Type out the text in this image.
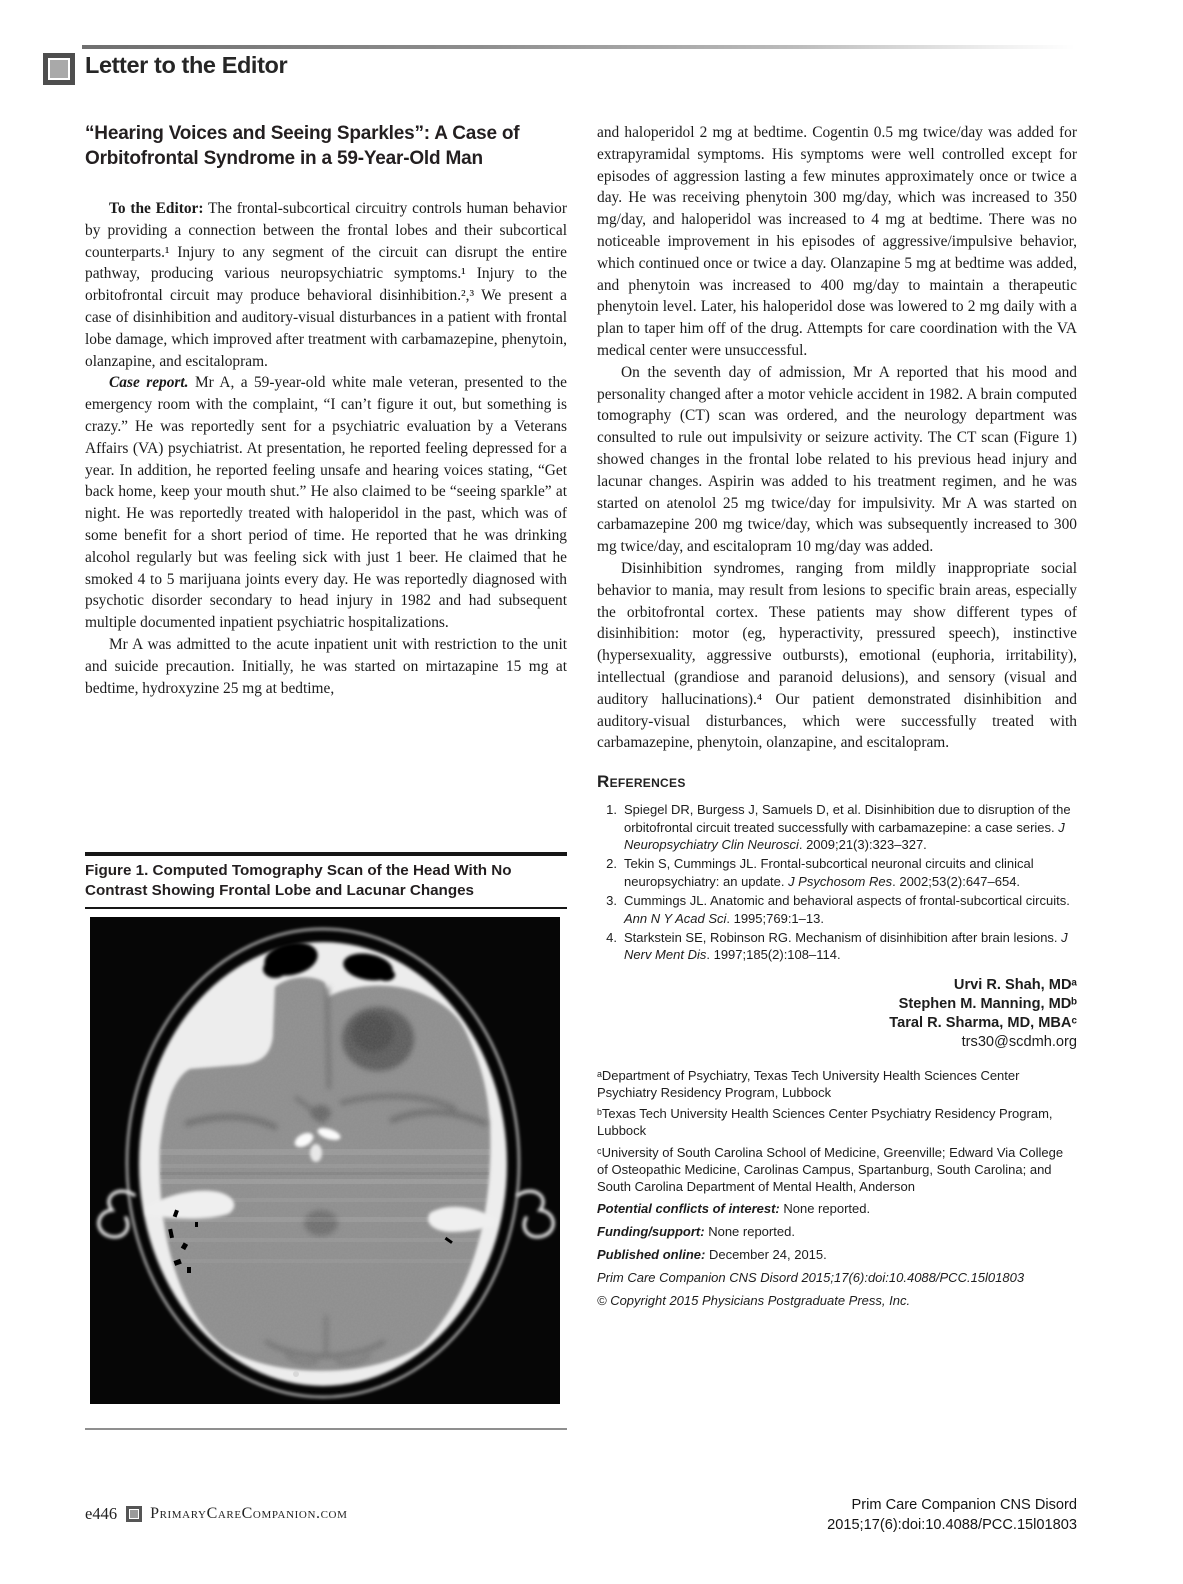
Letter to the Editor
“Hearing Voices and Seeing Sparkles”: A Case of Orbitofrontal Syndrome in a 59-Year-Old Man

To the Editor: The frontal-subcortical circuitry controls human behavior by providing a connection between the frontal lobes and their subcortical counterparts.¹ Injury to any segment of the circuit can disrupt the entire pathway, producing various neuropsychiatric symptoms.¹ Injury to the orbitofrontal circuit may produce behavioral disinhibition.²,³ We present a case of disinhibition and auditory-visual disturbances in a patient with frontal lobe damage, which improved after treatment with carbamazepine, phenytoin, olanzapine, and escitalopram.

Case report. Mr A, a 59-year-old white male veteran, presented to the emergency room with the complaint, “I can’t figure it out, but something is crazy.” He was reportedly sent for a psychiatric evaluation by a Veterans Affairs (VA) psychiatrist. At presentation, he reported feeling depressed for a year. In addition, he reported feeling unsafe and hearing voices stating, “Get back home, keep your mouth shut.” He also claimed to be “seeing sparkle” at night. He was reportedly treated with haloperidol in the past, which was of some benefit for a short period of time. He reported that he was drinking alcohol regularly but was feeling sick with just 1 beer. He claimed that he smoked 4 to 5 marijuana joints every day. He was reportedly diagnosed with psychotic disorder secondary to head injury in 1982 and had subsequent multiple documented inpatient psychiatric hospitalizations.

Mr A was admitted to the acute inpatient unit with restriction to the unit and suicide precaution. Initially, he was started on mirtazapine 15 mg at bedtime, hydroxyzine 25 mg at bedtime,

Figure 1. Computed Tomography Scan of the Head With No Contrast Showing Frontal Lobe and Lacunar Changes

and haloperidol 2 mg at bedtime. Cogentin 0.5 mg twice/day was added for extrapyramidal symptoms. His symptoms were well controlled except for episodes of aggression lasting a few minutes approximately once or twice a day. He was receiving phenytoin 300 mg/day, which was increased to 350 mg/day, and haloperidol was increased to 4 mg at bedtime. There was no noticeable improvement in his episodes of aggressive/impulsive behavior, which continued once or twice a day. Olanzapine 5 mg at bedtime was added, and phenytoin was increased to 400 mg/day to maintain a therapeutic phenytoin level. Later, his haloperidol dose was lowered to 2 mg daily with a plan to taper him off of the drug. Attempts for care coordination with the VA medical center were unsuccessful.

On the seventh day of admission, Mr A reported that his mood and personality changed after a motor vehicle accident in 1982. A brain computed tomography (CT) scan was ordered, and the neurology department was consulted to rule out impulsivity or seizure activity. The CT scan (Figure 1) showed changes in the frontal lobe related to his previous head injury and lacunar changes. Aspirin was added to his treatment regimen, and he was started on atenolol 25 mg twice/day for impulsivity. Mr A was started on carbamazepine 200 mg twice/day, which was subsequently increased to 300 mg twice/day, and escitalopram 10 mg/day was added.

Disinhibition syndromes, ranging from mildly inappropriate social behavior to mania, may result from lesions to specific brain areas, especially the orbitofrontal cortex. These patients may show different types of disinhibition: motor (eg, hyperactivity, pressured speech), instinctive (hypersexuality, aggressive outbursts), emotional (euphoria, irritability), intellectual (grandiose and paranoid delusions), and sensory (visual and auditory hallucinations).⁴ Our patient demonstrated disinhibition and auditory-visual disturbances, which were successfully treated with carbamazepine, phenytoin, olanzapine, and escitalopram.

References
1. Spiegel DR, Burgess J, Samuels D, et al. Disinhibition due to disruption of the orbitofrontal circuit treated successfully with carbamazepine: a case series. J Neuropsychiatry Clin Neurosci. 2009;21(3):323–327.
2. Tekin S, Cummings JL. Frontal-subcortical neuronal circuits and clinical neuropsychiatry: an update. J Psychosom Res. 2002;53(2):647–654.
3. Cummings JL. Anatomic and behavioral aspects of frontal-subcortical circuits. Ann N Y Acad Sci. 1995;769:1–13.
4. Starkstein SE, Robinson RG. Mechanism of disinhibition after brain lesions. J Nerv Ment Dis. 1997;185(2):108–114.
Urvi R. Shah, MDᵃ
Stephen M. Manning, MDᵇ
Taral R. Sharma, MD, MBAᶜ
trs30@scdmh.org

ᵃDepartment of Psychiatry, Texas Tech University Health Sciences Center Psychiatry Residency Program, Lubbock

ᵇTexas Tech University Health Sciences Center Psychiatry Residency Program, Lubbock

ᶜUniversity of South Carolina School of Medicine, Greenville; Edward Via College of Osteopathic Medicine, Carolinas Campus, Spartanburg, South Carolina; and South Carolina Department of Mental Health, Anderson

Potential conflicts of interest: None reported.

Funding/support: None reported.

Published online: December 24, 2015.

Prim Care Companion CNS Disord 2015;17(6):doi:10.4088/PCC.15l01803

© Copyright 2015 Physicians Postgraduate Press, Inc.

e446 PrimaryCareCompanion.com	Prim Care Companion CNS Disord
2015;17(6):doi:10.4088/PCC.15l01803
